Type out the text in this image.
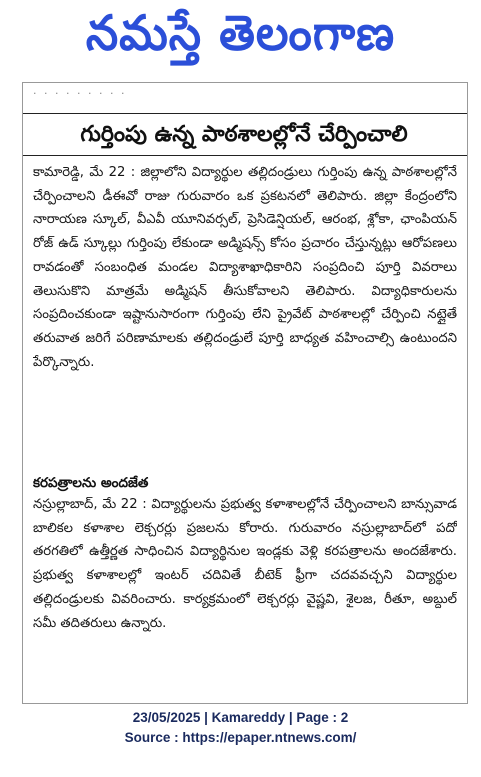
నమస్తే తెలంగాణ
· · · · · · · · ·
గుర్తింపు ఉన్న పాఠశాలల్లోనే చేర్పించాలి
కామారెడ్డి, మే 22 : జిల్లాలోని విద్యార్థుల తల్లిదండ్రులు గుర్తింపు ఉన్న పాఠశాలల్లోనే చేర్పించాలని డీఈవో రాజు గురువారం ఒక ప్రకటనలో తెలిపారు. జిల్లా కేంద్రంలోని నారాయణ స్కూల్, వీఎవీ యూనివర్సల్, ప్రెసిడెన్షియల్, ఆరంభ, శ్లోకా, ఛాంపియన్ రోజ్ ఉడ్ స్కూల్లు గుర్తింపు లేకుండా అడ్మిషన్స్ కోసం ప్రచారం చేస్తున్నట్లు ఆరోపణలు రావడంతో సంబంధిత మండల విద్యాశాఖాధికారిని సంప్రదించి పూర్తి వివరాలు తెలుసుకొని మాత్రమే అడ్మిషన్ తీసుకోవాలని తెలిపారు. విద్యాధికారులను సంప్రదించకుండా ఇష్టానుసారంగా గుర్తింపు లేని ప్రైవేట్ పాఠశాలల్లో చేర్పించి నట్లైతే తరువాత జరిగే పరిణామాలకు తల్లిదండ్రులే పూర్తి బాధ్యత వహించాల్సి ఉంటుందని పేర్కొన్నారు.
కరపత్రాలను అందజేత
నస్రుల్లాబాద్, మే 22 : విద్యార్థులను ప్రభుత్వ కళాశాలల్లోనే చేర్పించాలని బాన్సువాడ బాలికల కళాశాల లెక్చరర్లు ప్రజలను కోరారు. గురువారం నస్రుల్లాబాద్‌లో పదో తరగతిలో ఉత్తీర్ణత సాధించిన విద్యార్థినుల ఇండ్లకు వెళ్లి కరపత్రాలను అందజేశారు. ప్రభుత్వ కళాశాలల్లో ఇంటర్ చదివితే బీటెక్ ఫ్రీగా చదవవచ్చని విద్యార్థుల తల్లిదండ్రులకు వివరించారు. కార్యక్రమంలో లెక్చరర్లు వైష్ణవి, శైలజ, రీతూ, అబ్దుల్ సమీ తదితరులు ఉన్నారు.
23/05/2025 | Kamareddy | Page : 2
Source : https://epaper.ntnews.com/
